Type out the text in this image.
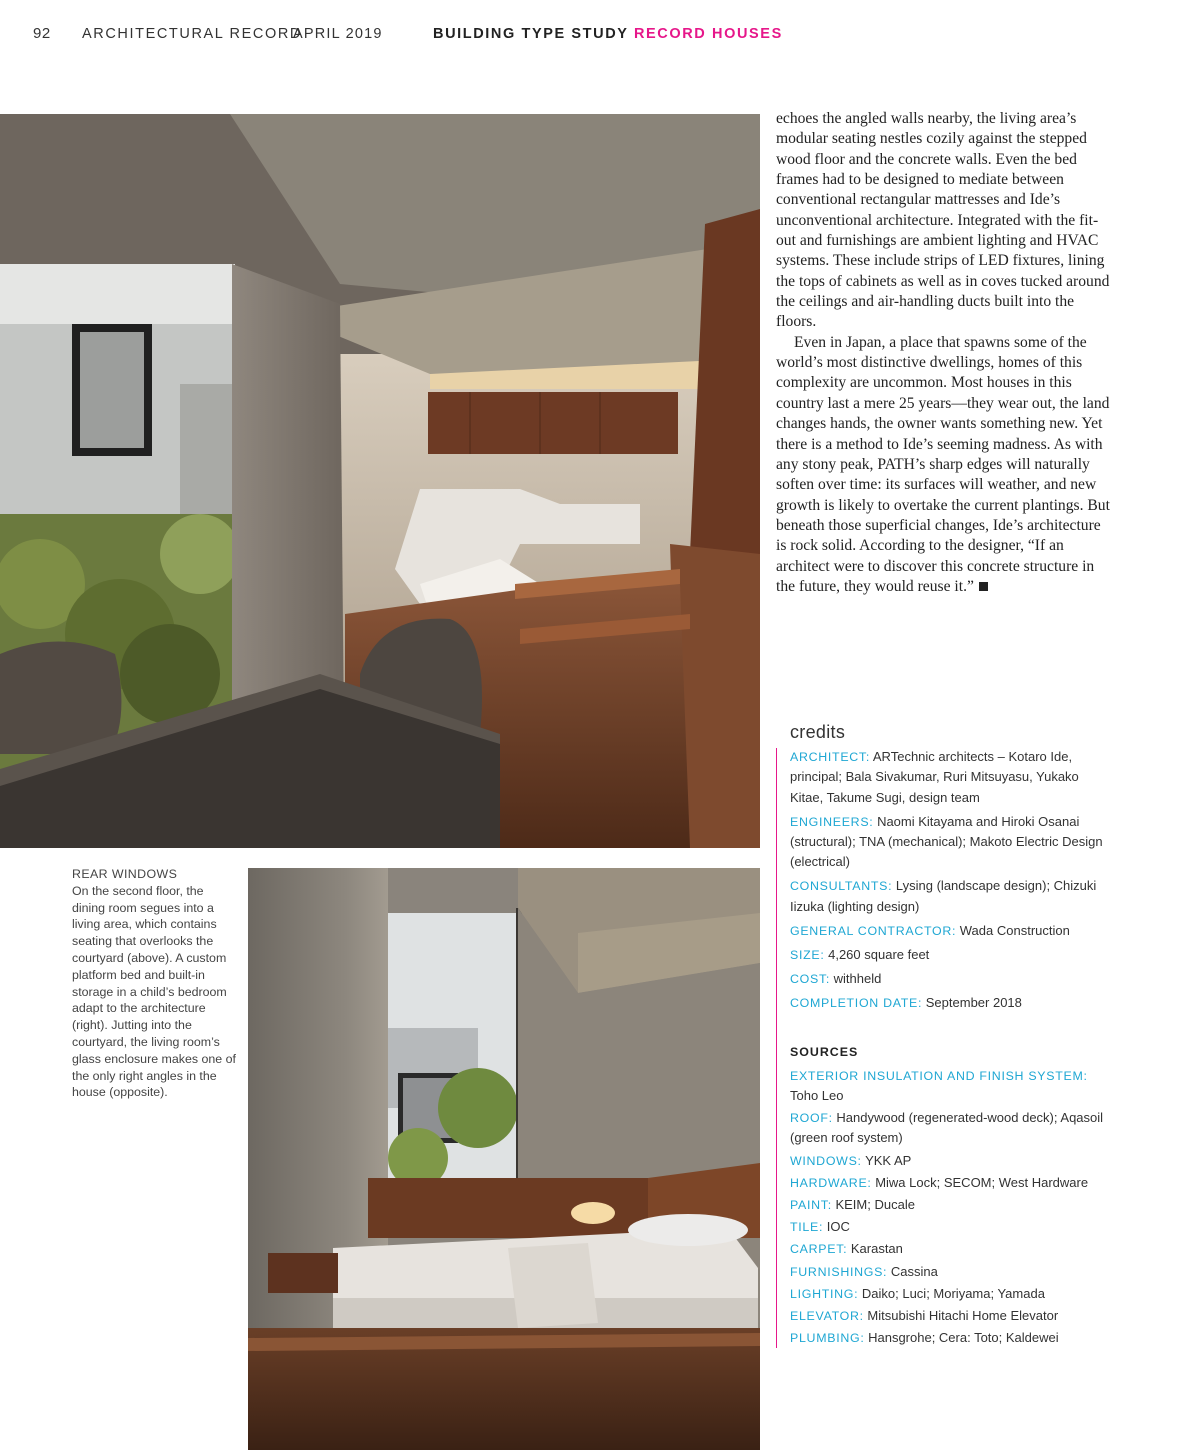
92 ARCHITECTURAL RECORD
APRIL 2019	BUILDING TYPE STUDY RECORD HOUSES

echoes the angled walls nearby, the living area’s modular seating nestles cozily against the stepped wood floor and the concrete walls. Even the bed frames had to be designed to mediate between conventional rectangular mattresses and Ide’s unconventional architecture. Integrated with the fit-out and furnishings are ambient lighting and HVAC systems. These include strips of LED fixtures, lining the tops of cabinets as well as in coves tucked around the ceilings and air-handling ducts built into the floors.

Even in Japan, a place that spawns some of the world’s most distinctive dwellings, homes of this complexity are uncommon. Most houses in this country last a mere 25 years—they wear out, the land changes hands, the owner wants something new. Yet there is a method to Ide’s seeming madness. As with any stony peak, PATH’s sharp edges will naturally soften over time: its surfaces will weather, and new growth is likely to overtake the current plantings. But beneath those superficial changes, Ide’s architecture is rock solid. According to the designer, “If an architect were to discover this concrete structure in the future, they would reuse it.”

REAR WINDOWS
On the second floor, the dining room segues into a living area, which contains seating that overlooks the courtyard (above). A custom platform bed and built-in storage in a child’s bedroom adapt to the architecture (right). Jutting into the courtyard, the living room’s glass enclosure makes one of the only right angles in the house (opposite).
credits
ARCHITECT: ARTechnic architects – Kotaro Ide, principal; Bala Sivakumar, Ruri Mitsuyasu, Yukako Kitae, Takume Sugi, design team
ENGINEERS: Naomi Kitayama and Hiroki Osanai (structural); TNA (mechanical); Makoto Electric Design (electrical)
CONSULTANTS: Lysing (landscape design); Chizuki Iizuka (lighting design)
GENERAL CONTRACTOR: Wada Construction
SIZE: 4,260 square feet
COST: withheld
COMPLETION DATE: September 2018
SOURCES
EXTERIOR INSULATION AND FINISH SYSTEM: Toho Leo
ROOF: Handywood (regenerated-wood deck); Aqasoil (green roof system)
WINDOWS: YKK AP
HARDWARE: Miwa Lock; SECOM; West Hardware
PAINT: KEIM; Ducale
TILE: IOC
CARPET: Karastan
FURNISHINGS: Cassina
LIGHTING: Daiko; Luci; Moriyama; Yamada
ELEVATOR: Mitsubishi Hitachi Home Elevator
PLUMBING: Hansgrohe; Cera: Toto; Kaldewei
